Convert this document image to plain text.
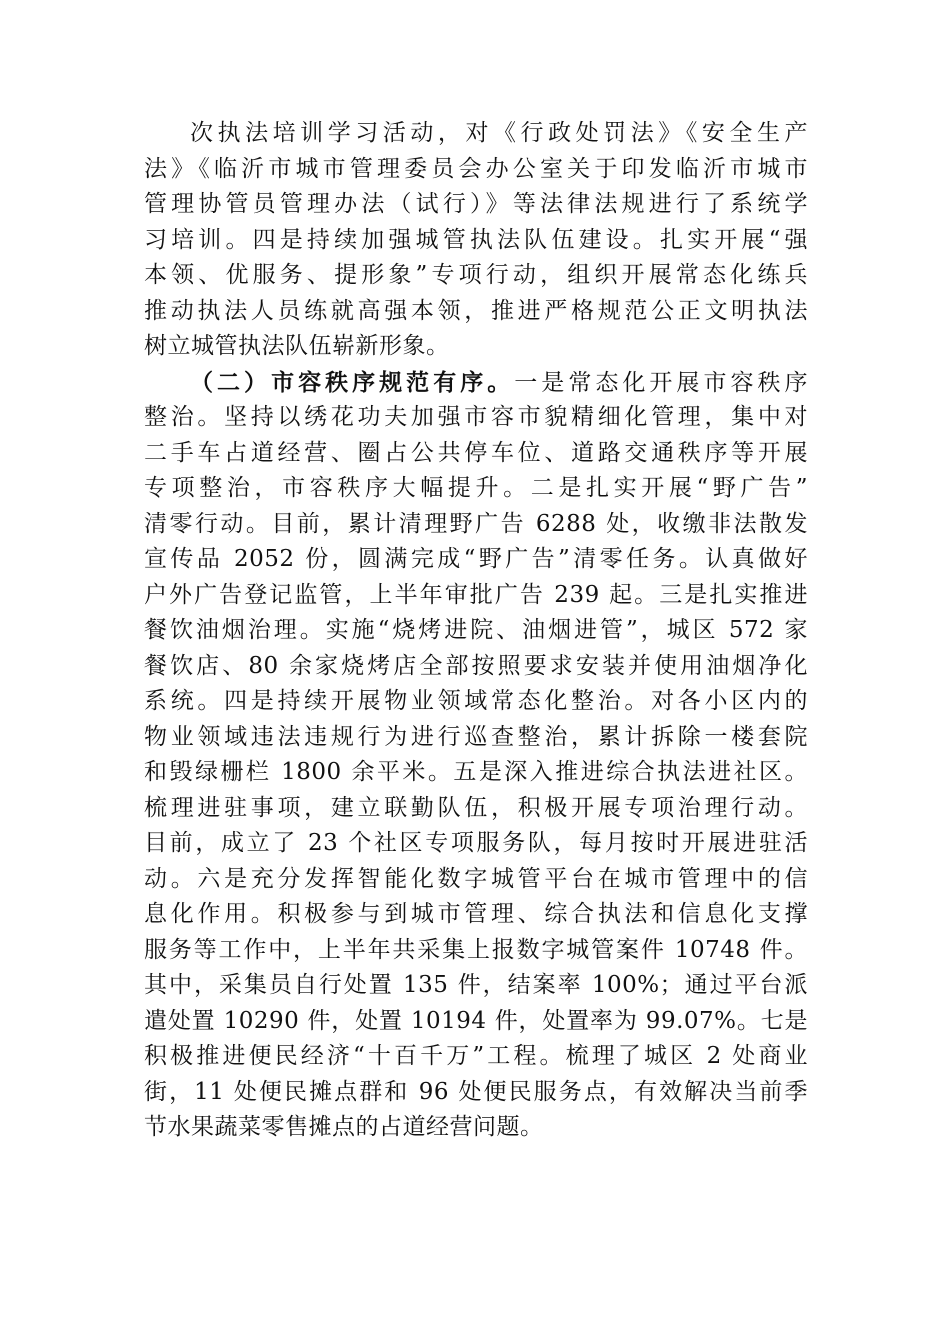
次执法培训学习活动，对《行政处罚法》《安全生产
法》《临沂市城市管理委员会办公室关于印发临沂市城市
管理协管员管理办法（试行）》等法律法规进行了系统学
习培训。四是持续加强城管执法队伍建设。扎实开展“强
本领、优服务、提形象”专项行动，组织开展常态化练兵
推动执法人员练就高强本领，推进严格规范公正文明执法
树立城管执法队伍崭新形象。
（二）市容秩序规范有序。一是常态化开展市容秩序
整治。坚持以绣花功夫加强市容市貌精细化管理，集中对
二手车占道经营、圈占公共停车位、道路交通秩序等开展
专项整治，市容秩序大幅提升。二是扎实开展“野广告”
清零行动。目前，累计清理野广告 6288 处，收缴非法散发
宣传品 2052 份，圆满完成“野广告”清零任务。认真做好
户外广告登记监管，上半年审批广告 239 起。三是扎实推进
餐饮油烟治理。实施“烧烤进院、油烟进管”，城区 572 家
餐饮店、80 余家烧烤店全部按照要求安装并使用油烟净化
系统。四是持续开展物业领域常态化整治。对各小区内的
物业领域违法违规行为进行巡查整治，累计拆除一楼套院
和毁绿栅栏 1800 余平米。五是深入推进综合执法进社区。
梳理进驻事项，建立联勤队伍，积极开展专项治理行动。
目前，成立了 23 个社区专项服务队，每月按时开展进驻活
动。六是充分发挥智能化数字城管平台在城市管理中的信
息化作用。积极参与到城市管理、综合执法和信息化支撑
服务等工作中，上半年共采集上报数字城管案件 10748 件。
其中，采集员自行处置 135 件，结案率 100%；通过平台派
遣处置 10290 件，处置 10194 件，处置率为 99.07%。七是
积极推进便民经济“十百千万”工程。梳理了城区 2 处商业
街，11 处便民摊点群和 96 处便民服务点，有效解决当前季
节水果蔬菜零售摊点的占道经营问题。
